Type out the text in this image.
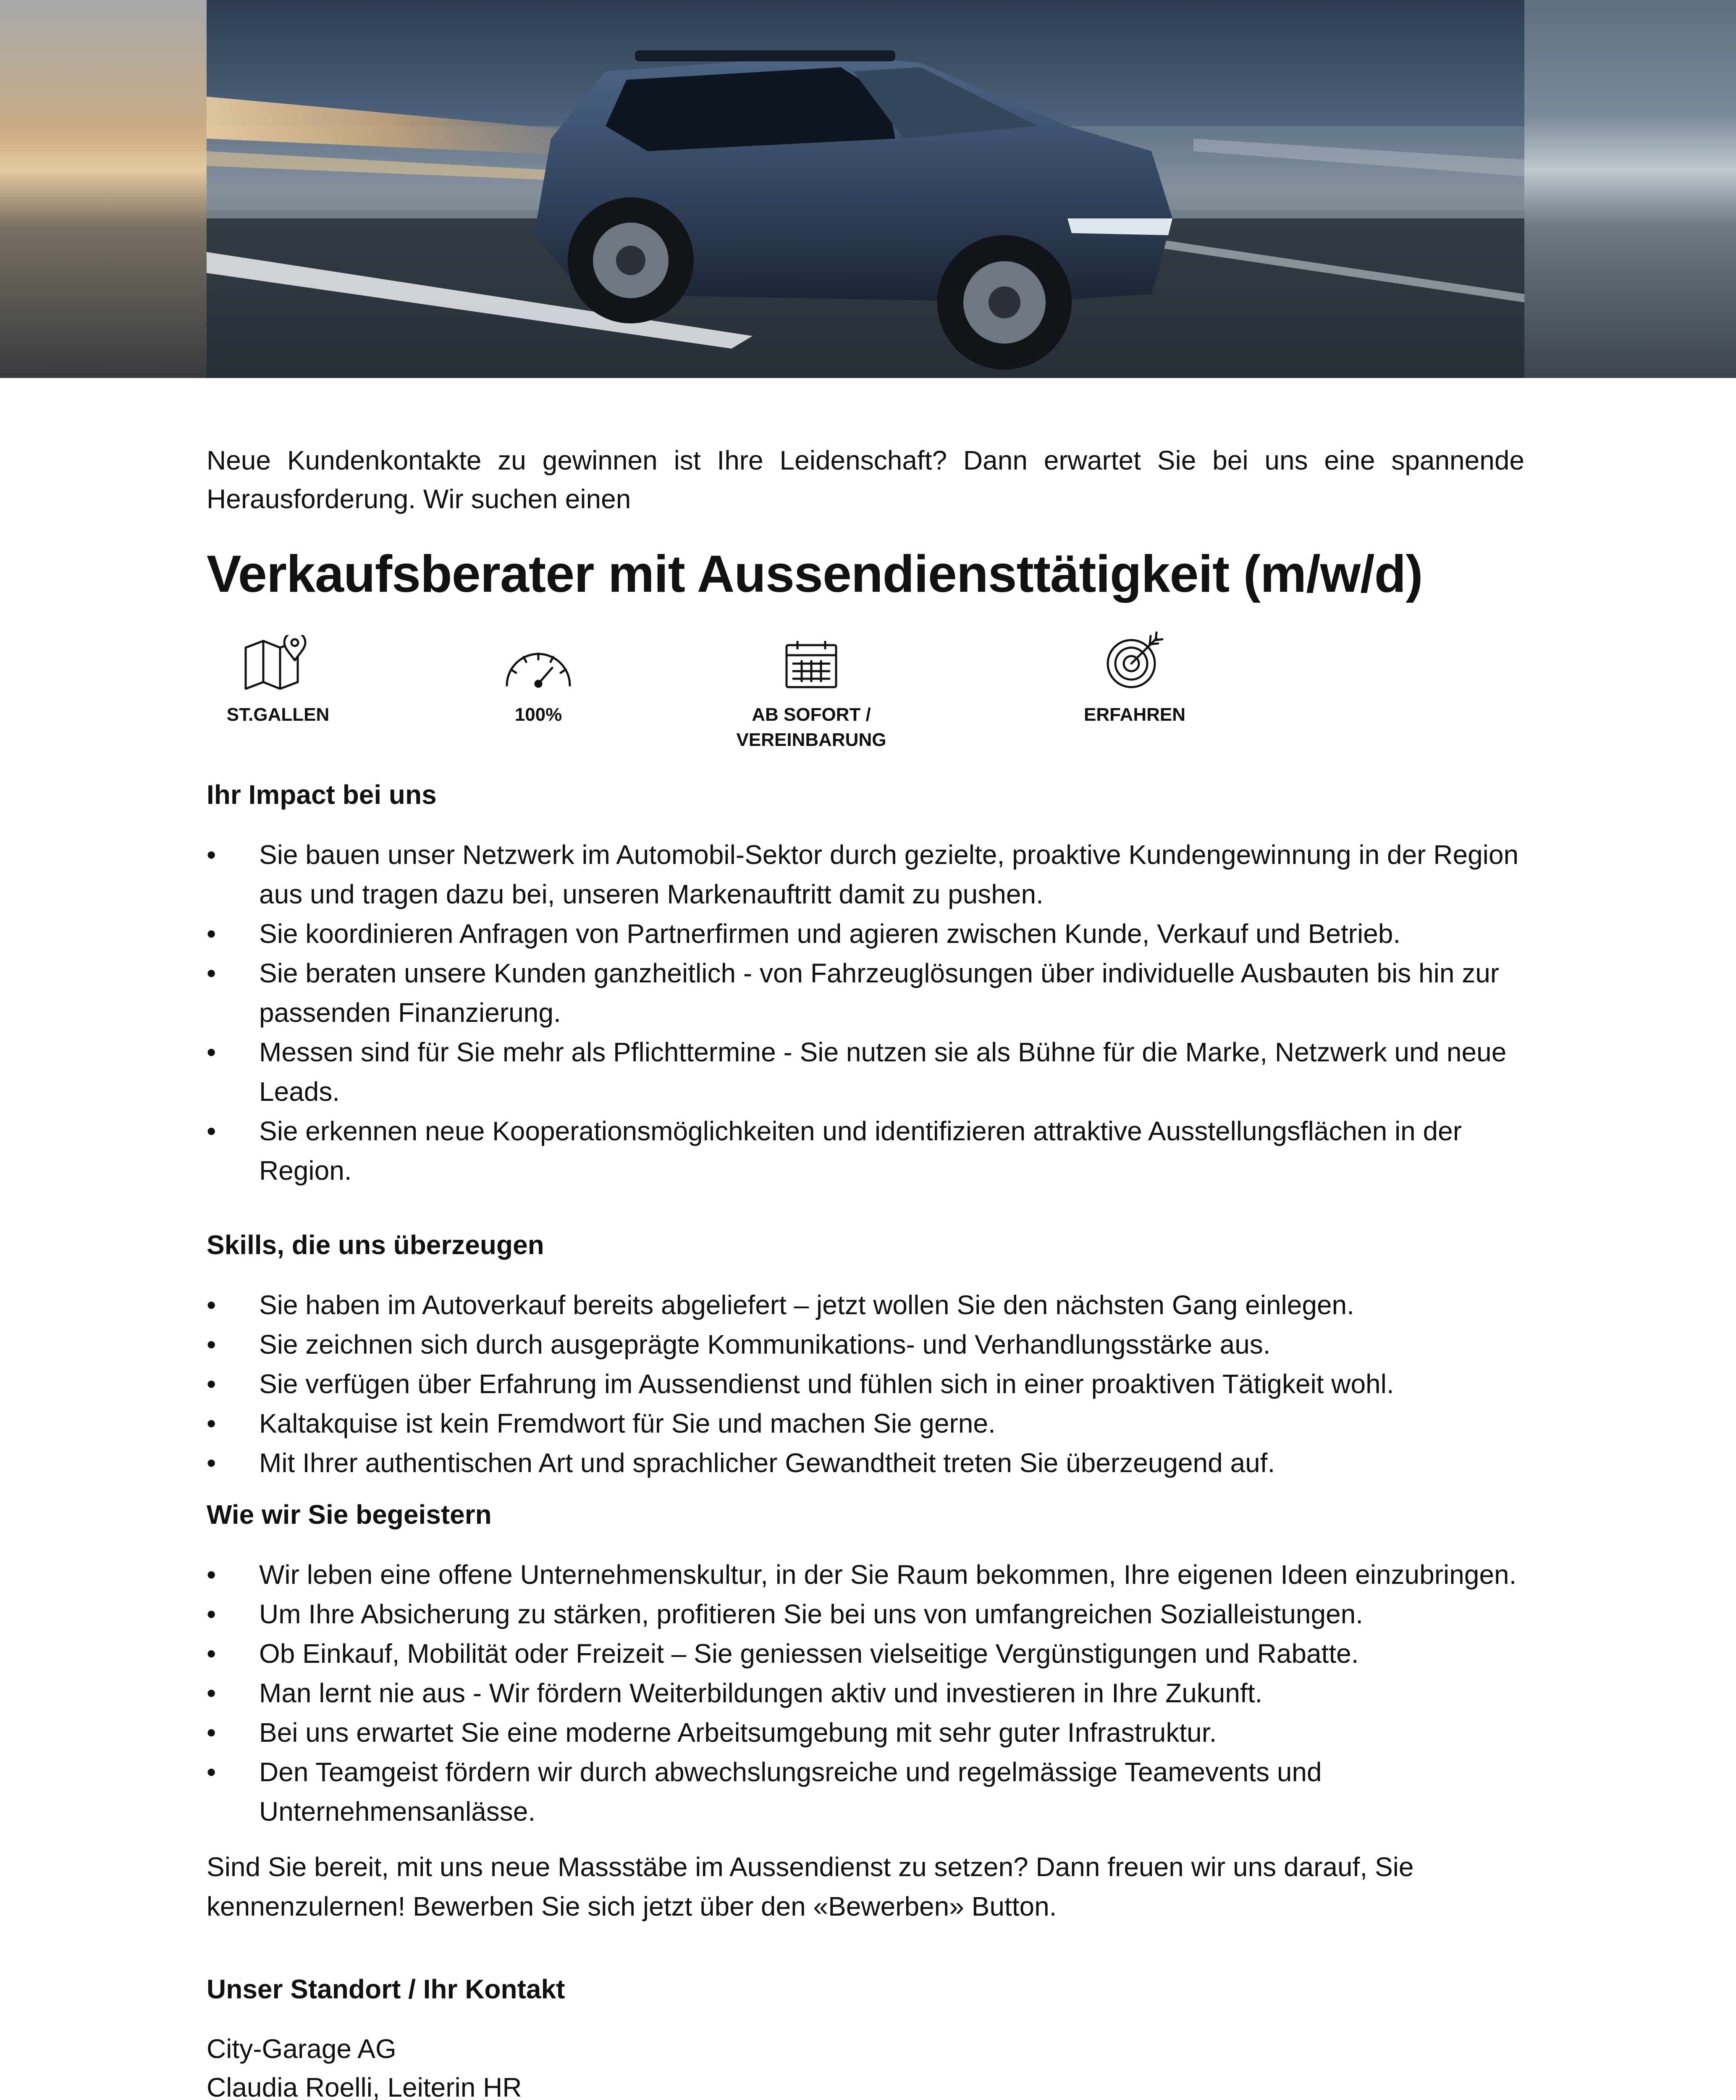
Neue Kundenkontakte zu gewinnen ist Ihre Leidenschaft? Dann erwartet Sie bei uns eine spannende Herausforderung. Wir suchen einen

Verkaufsberater mit Aussendiensttätigkeit (m/w/d)
ST.GALLEN	100%	AB SOFORT /
VEREINBARUNG
ERFAHREN
Ihr Impact bei uns
• Sie bauen unser Netzwerk im Automobil-Sektor durch gezielte, proaktive Kundengewinnung in der Region aus und tragen dazu bei, unseren Markenauftritt damit zu pushen.
• Sie koordinieren Anfragen von Partnerfirmen und agieren zwischen Kunde, Verkauf und Betrieb.
• Sie beraten unsere Kunden ganzheitlich - von Fahrzeuglösungen über individuelle Ausbauten bis hin zur passenden Finanzierung.
• Messen sind für Sie mehr als Pflichttermine - Sie nutzen sie als Bühne für die Marke, Netzwerk und neue Leads.
• Sie erkennen neue Kooperationsmöglichkeiten und identifizieren attraktive Ausstellungsflächen in der Region.
Skills, die uns überzeugen
• Sie haben im Autoverkauf bereits abgeliefert – jetzt wollen Sie den nächsten Gang einlegen.
• Sie zeichnen sich durch ausgeprägte Kommunikations- und Verhandlungsstärke aus.
• Sie verfügen über Erfahrung im Aussendienst und fühlen sich in einer proaktiven Tätigkeit wohl.
• Kaltakquise ist kein Fremdwort für Sie und machen Sie gerne.
• Mit Ihrer authentischen Art und sprachlicher Gewandtheit treten Sie überzeugend auf.
Wie wir Sie begeistern
• Wir leben eine offene Unternehmenskultur, in der Sie Raum bekommen, Ihre eigenen Ideen einzubringen.
• Um Ihre Absicherung zu stärken, profitieren Sie bei uns von umfangreichen Sozialleistungen.
• Ob Einkauf, Mobilität oder Freizeit – Sie geniessen vielseitige Vergünstigungen und Rabatte.
• Man lernt nie aus - Wir fördern Weiterbildungen aktiv und investieren in Ihre Zukunft.
• Bei uns erwartet Sie eine moderne Arbeitsumgebung mit sehr guter Infrastruktur.
• Den Teamgeist fördern wir durch abwechslungsreiche und regelmässige Teamevents und Unternehmensanlässe.

Sind Sie bereit, mit uns neue Massstäbe im Aussendienst zu setzen? Dann freuen wir uns darauf, Sie kennenzulernen! Bewerben Sie sich jetzt über den «Bewerben» Button.

Unser Standort / Ihr Kontakt
City-Garage AG
Claudia Roelli, Leiterin HR
